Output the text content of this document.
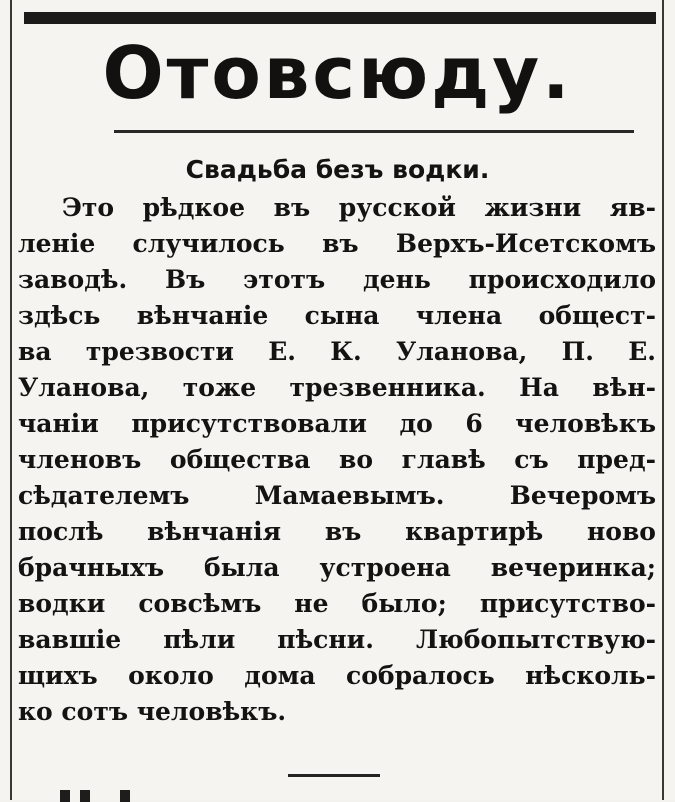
Отовсюду.
Свадьба безъ водки.
Это рѣдкое въ русской жизни яв-
леніе случилось въ Верхъ-Исетскомъ
заводѣ. Въ этотъ день происходило
здѣсь вѣнчаніе сына члена общест-
ва трезвости Е. К. Уланова, П. Е.
Уланова, тоже трезвенника. На вѣн-
чаніи присутствовали до 6 человѣкъ
членовъ общества во главѣ съ пред-
сѣдателемъ Мамаевымъ. Вечеромъ
послѣ вѣнчанія въ квартирѣ ново
брачныхъ была устроена вечеринка;
водки совсѣмъ не было; присутство-
вавшіе пѣли пѣсни. Любопытствую-
щихъ около дома собралось нѣсколь-
ко сотъ человѣкъ.
